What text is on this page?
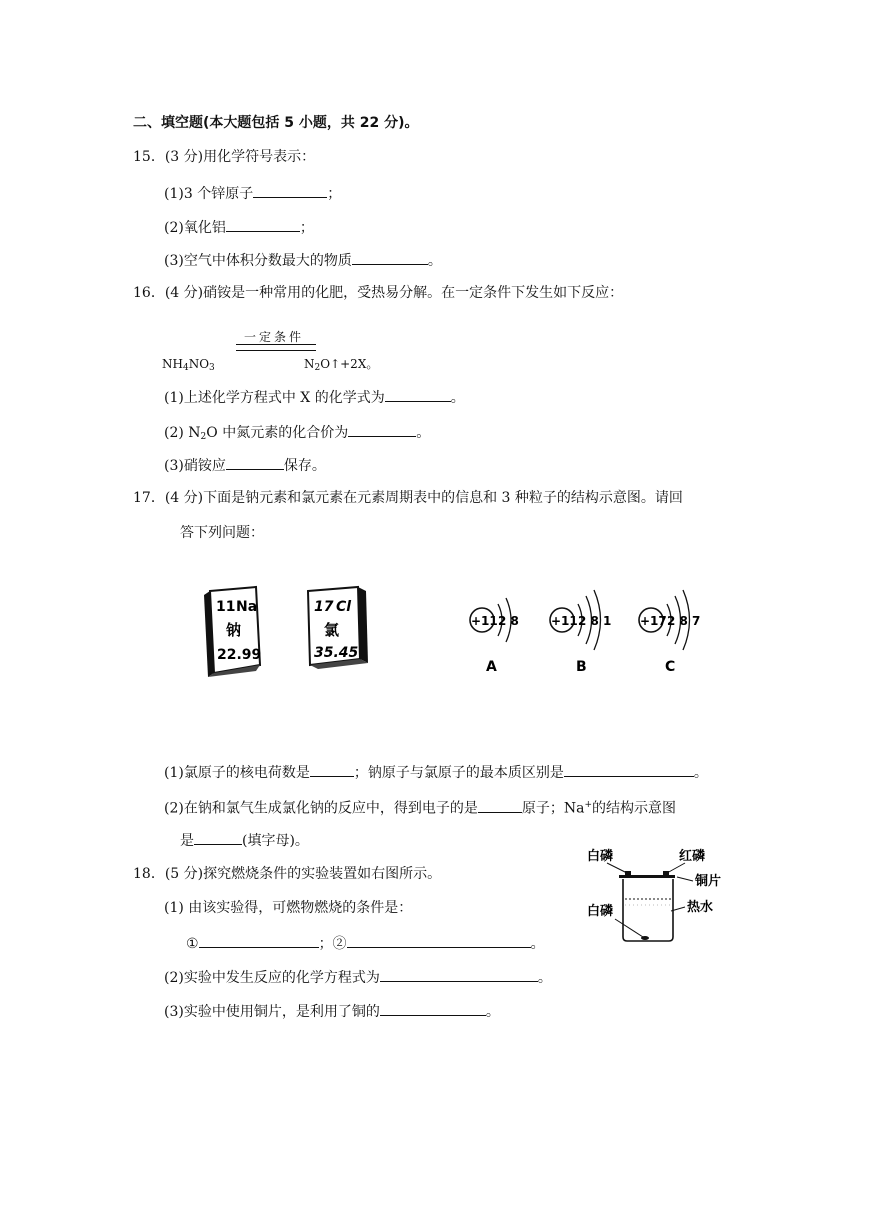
二、填空题(本大题包括 5 小题，共 22 分)。
15．(3 分)用化学符号表示：
(1)3 个锌原子	；
(2)氧化铝	；
(3)空气中体积分数最大的物质	。
16．(4 分)硝铵是一种常用的化肥，受热易分解。在一定条件下发生如下反应：
一定条件
$NH_4NO_3$	$N_2O↑+2X$。
(1)上述化学方程式中 X 的化学式为	。
(2) $N_2O$ 中氮元素的化合价为	。
(3)硝铵应	保存。
17．(4 分)下面是钠元素和氯元素在元素周期表中的信息和 3 种粒子的结构示意图。请回
答下列问题：
11 Na
钠
22.99
17 Cl
氯
35.45
+11 2 8
A
+11 2 8 1
B
+17 2 8 7
C
(1)氯原子的核电荷数是	；钠原子与氯原子的最本质区别是	。
(2)在钠和氯气生成氯化钠的反应中，得到电子的是	原子；Na+的结构示意图
是	(填字母)。
18．(5 分)探究燃烧条件的实验装置如右图所示。
(1) 由该实验得，可燃物燃烧的条件是：
①	；②	。
(2)实验中发生反应的化学方程式为	。
(3)实验中使用铜片，是利用了铜的	。
白磷	红磷
铜片
白磷	热水
